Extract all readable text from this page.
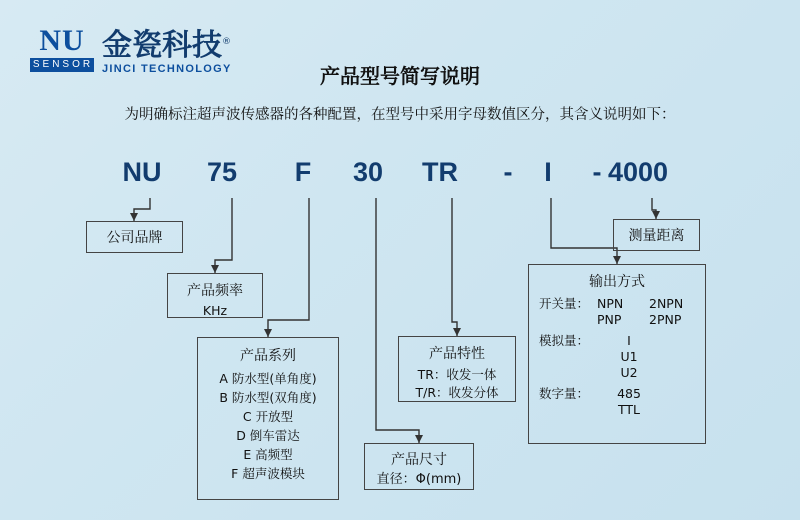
NU
SENSOR
金瓷科技®
JINCI TECHNOLOGY	产品型号简写说明
为明确标注超声波传感器的各种配置，在型号中采用字母数值区分，其含义说明如下：
NU	75	F	30	TR	-	I	- 4000
公司品牌
产品频率
KHz
产品系列
A 防水型(单角度)
B 防水型(双角度)
C 开放型
D 倒车雷达
E 高频型
F 超声波模块
产品尺寸
直径：Φ(mm)
产品特性
TR：收发一体
T/R：收发分体
输出方式
开关量： NPN	2NPN
PNP	2PNP
模拟量：	I
U1
U2
数字量：	485
TTL
测量距离
